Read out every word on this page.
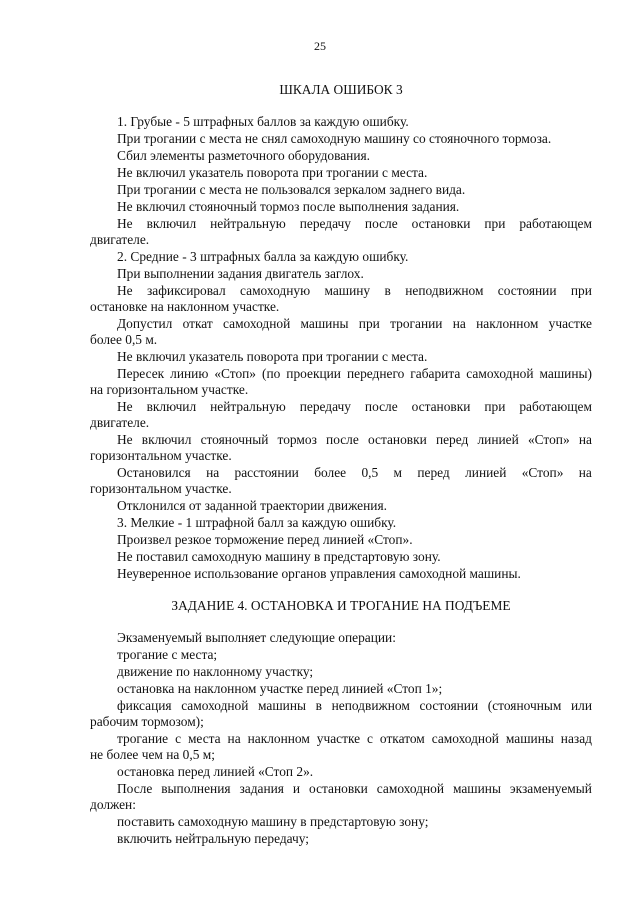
25
ШКАЛА ОШИБОК 3
1. Грубые - 5 штрафных баллов за каждую ошибку.
При трогании с места не снял самоходную машину со стояночного тормоза.
Сбил элементы разметочного оборудования.
Не включил указатель поворота при трогании с места.
При трогании с места не пользовался зеркалом заднего вида.
Не включил стояночный тормоз после выполнения задания.
Не включил нейтральную передачу после остановки при работающем
двигателе.
2. Средние - 3 штрафных балла за каждую ошибку.
При выполнении задания двигатель заглох.
Не зафиксировал самоходную машину в неподвижном состоянии при
остановке на наклонном участке.
Допустил откат самоходной машины при трогании на наклонном участке
более 0,5 м.
Не включил указатель поворота при трогании с места.
Пересек линию «Стоп» (по проекции переднего габарита самоходной машины)
на горизонтальном участке.
Не включил нейтральную передачу после остановки при работающем
двигателе.
Не включил стояночный тормоз после остановки перед линией «Стоп» на
горизонтальном участке.
Остановился на расстоянии более 0,5 м перед линией «Стоп» на
горизонтальном участке.
Отклонился от заданной траектории движения.
3. Мелкие - 1 штрафной балл за каждую ошибку.
Произвел резкое торможение перед линией «Стоп».
Не поставил самоходную машину в предстартовую зону.
Неуверенное использование органов управления самоходной машины.
ЗАДАНИЕ 4. ОСТАНОВКА И ТРОГАНИЕ НА ПОДЪЕМЕ
Экзаменуемый выполняет следующие операции:
трогание с места;
движение по наклонному участку;
остановка на наклонном участке перед линией «Стоп 1»;
фиксация самоходной машины в неподвижном состоянии (стояночным или
рабочим тормозом);
трогание с места на наклонном участке с откатом самоходной машины назад
не более чем на 0,5 м;
остановка перед линией «Стоп 2».
После выполнения задания и остановки самоходной машины экзаменуемый
должен:
поставить самоходную машину в предстартовую зону;
включить нейтральную передачу;
